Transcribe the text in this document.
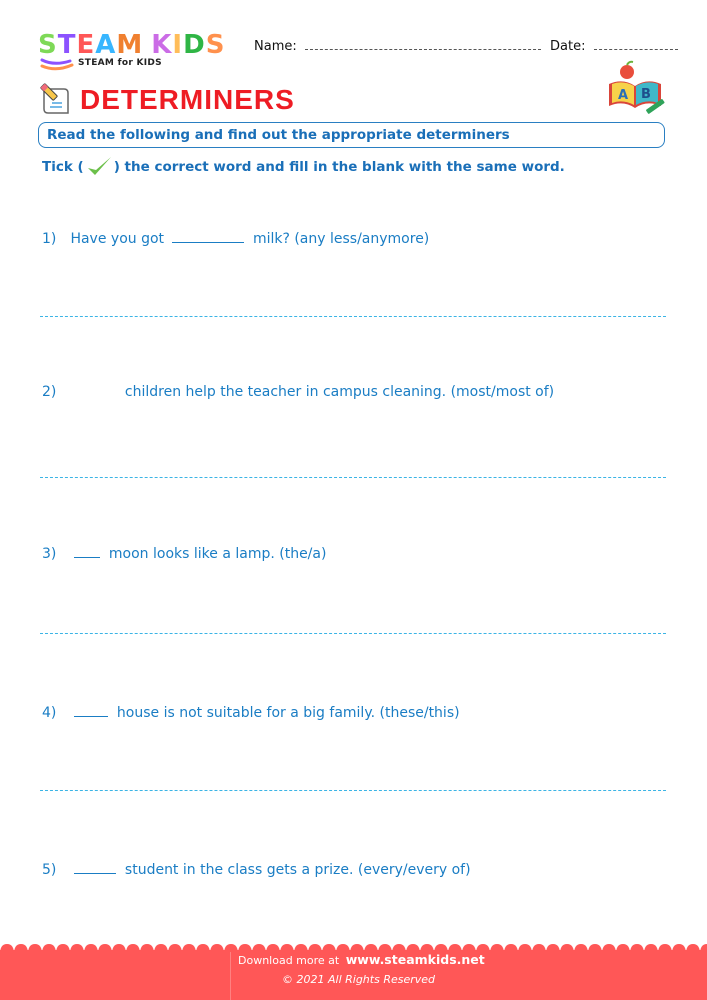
STEAM KIDS
STEAM for KIDS
Name:	Date:
DETERMINERS	A B
Read the following and find out the appropriate determiners
Tick ( ) the correct word and fill in the blank with the same word.
1) Have you got	milk? (any less/anymore)
2)	children help the teacher in campus cleaning. (most/most of)
3)	moon looks like a lamp. (the/a)
4)	house is not suitable for a big family. (these/this)
5)	student in the class gets a prize. (every/every of)
Download more at www.steamkids.net
© 2021 All Rights Reserved
